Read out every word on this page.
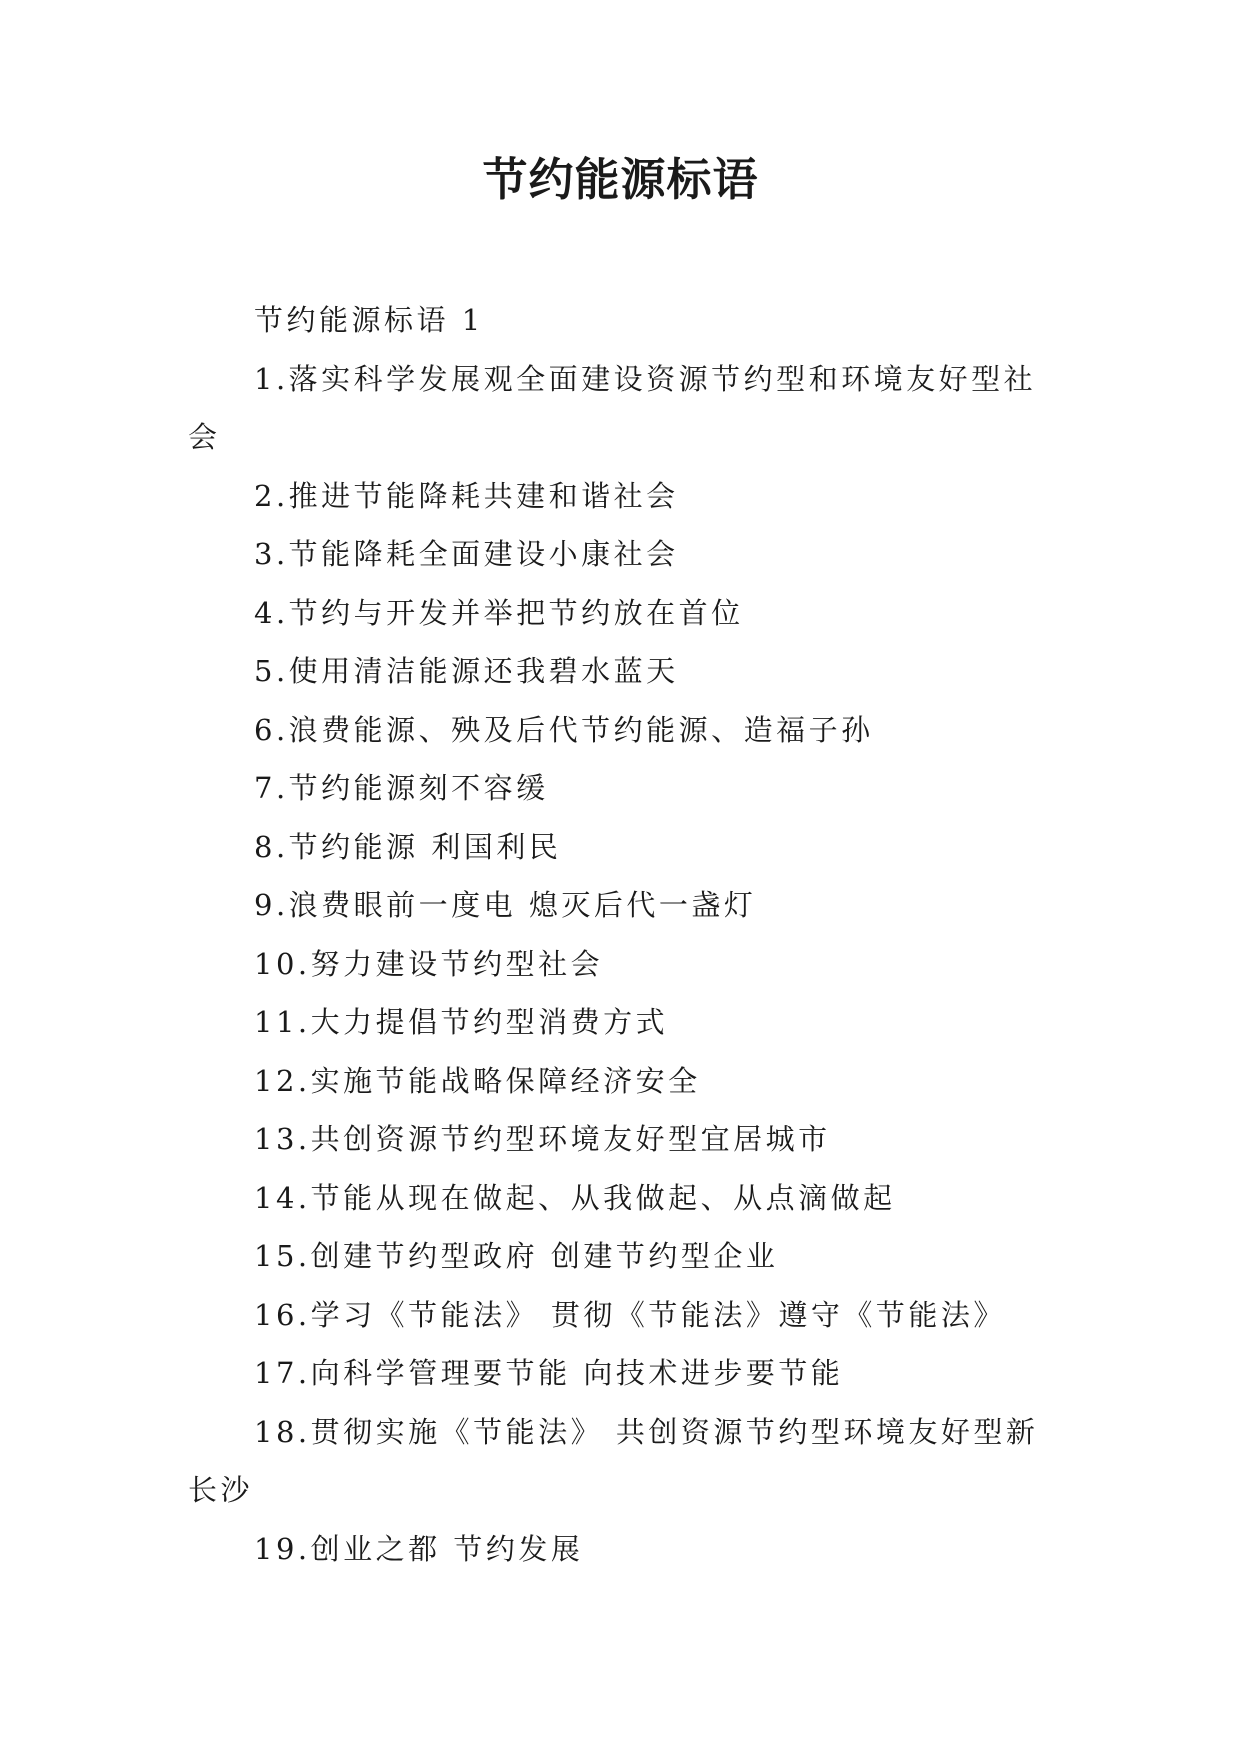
节约能源标语

节约能源标语 1

1.落实科学发展观全面建设资源节约型和环境友好型社会

2.推进节能降耗共建和谐社会

3.节能降耗全面建设小康社会

4.节约与开发并举把节约放在首位

5.使用清洁能源还我碧水蓝天

6.浪费能源、殃及后代节约能源、造福子孙

7.节约能源刻不容缓

8.节约能源 利国利民

9.浪费眼前一度电 熄灭后代一盏灯

10.努力建设节约型社会

11.大力提倡节约型消费方式

12.实施节能战略保障经济安全

13.共创资源节约型环境友好型宜居城市

14.节能从现在做起、从我做起、从点滴做起

15.创建节约型政府 创建节约型企业

16.学习《节能法》 贯彻《节能法》遵守《节能法》

17.向科学管理要节能 向技术进步要节能

18.贯彻实施《节能法》 共创资源节约型环境友好型新长沙

19.创业之都 节约发展
